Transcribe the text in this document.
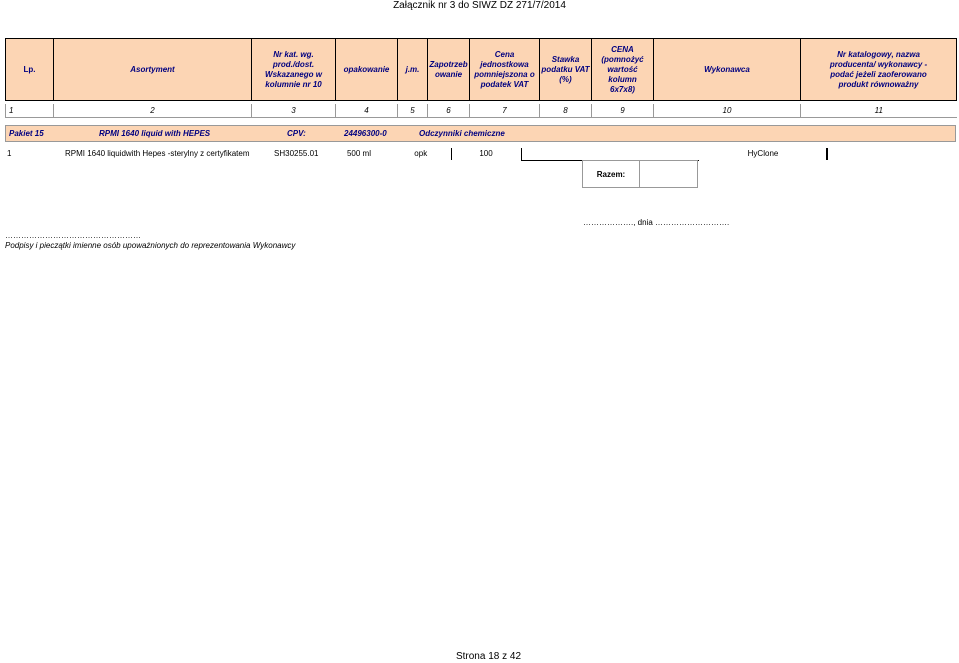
Załącznik nr 3 do SIWZ DZ 271/7/2014
Lp.	Asortyment	Nr kat. wg.
prod./dost.
Wskazanego w
kolumnie nr 10	opakowanie	j.m.	Zapotrzeb
owanie	Cena
jednostkowa
pomniejszona o
podatek VAT	Stawka
podatku VAT
(%)	CENA
(pomnożyć
wartość
kolumn
6x7x8)	Wykonawca	Nr katalogowy, nazwa
producenta/ wykonawcy -
podać jeżeli zaoferowano
produkt równoważny
1	2	3	4	5	6	7	8	9	10	11
Pakiet 15	RPMI 1640 liquid with HEPES	CPV:	24496300-0	Odczynniki chemiczne
1	RPMI 1640 liquidwith Hepes -sterylny z certyfikatem	SH30255.01	500 ml	opk	100				HyClone
Razem:
………………., dnia ……………………….
……………………………………………
Podpisy i pieczątki imienne osób upoważnionych do reprezentowania Wykonawcy
Strona 18 z 42
